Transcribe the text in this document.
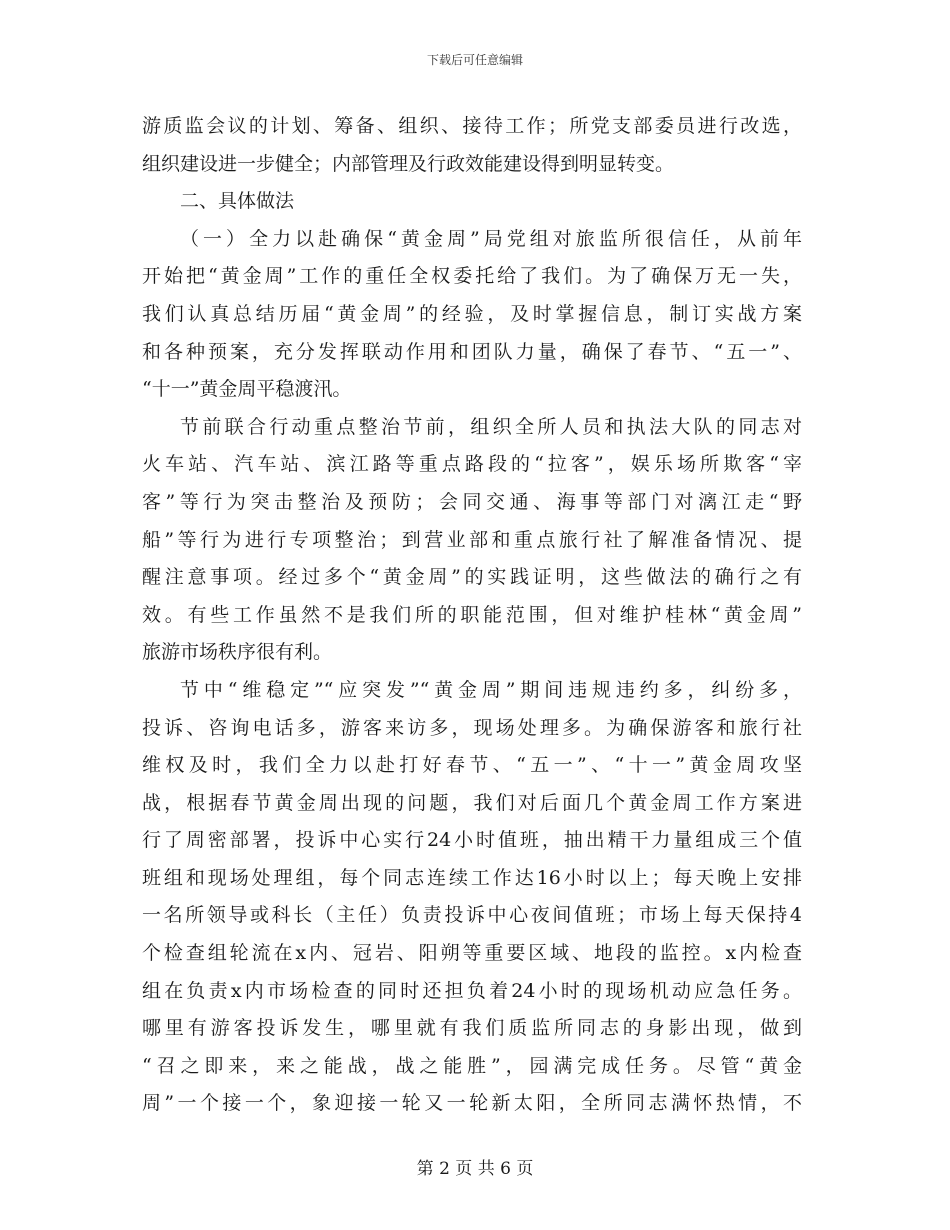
下载后可任意编辑
游质监会议的计划、筹备、组织、接待工作；所党支部委员进行改选，
组织建设进一步健全；内部管理及行政效能建设得到明显转变。
二、具体做法
（一）全力以赴确保“黄金周”局党组对旅监所很信任，从前年
开始把“黄金周”工作的重任全权委托给了我们。为了确保万无一失，
我们认真总结历届“黄金周”的经验，及时掌握信息，制订实战方案
和各种预案，充分发挥联动作用和团队力量，确保了春节、“五一”、
“十一”黄金周平稳渡汛。
节前联合行动重点整治节前，组织全所人员和执法大队的同志对
火车站、汽车站、滨江路等重点路段的“拉客”，娱乐场所欺客“宰
客”等行为突击整治及预防；会同交通、海事等部门对漓江走“野
船”等行为进行专项整治；到营业部和重点旅行社了解准备情况、提
醒注意事项。经过多个“黄金周”的实践证明，这些做法的确行之有
效。有些工作虽然不是我们所的职能范围，但对维护桂林“黄金周”
旅游市场秩序很有利。
节中“维稳定”“应突发”“黄金周”期间违规违约多，纠纷多，
投诉、咨询电话多，游客来访多，现场处理多。为确保游客和旅行社
维权及时，我们全力以赴打好春节、“五一”、“十一”黄金周攻坚
战，根据春节黄金周出现的问题，我们对后面几个黄金周工作方案进
行了周密部署，投诉中心实行24小时值班，抽出精干力量组成三个值
班组和现场处理组，每个同志连续工作达16小时以上；每天晚上安排
一名所领导或科长（主任）负责投诉中心夜间值班；市场上每天保持4
个检查组轮流在x内、冠岩、阳朔等重要区域、地段的监控。x内检查
组在负责x内市场检查的同时还担负着24小时的现场机动应急任务。
哪里有游客投诉发生，哪里就有我们质监所同志的身影出现，做到
“召之即来，来之能战，战之能胜”，园满完成任务。尽管“黄金
周”一个接一个，象迎接一轮又一轮新太阳，全所同志满怀热情，不
第 2 页 共 6 页
